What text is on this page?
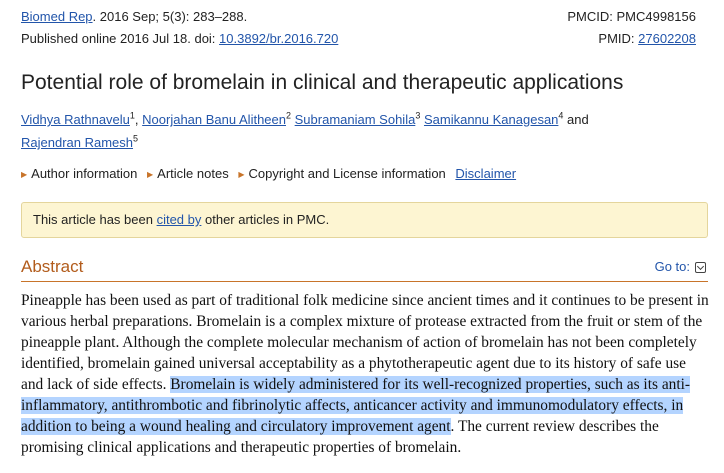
Biomed Rep. 2016 Sep; 5(3): 283–288.	PMCID: PMC4998156
Published online 2016 Jul 18. doi: 10.3892/br.2016.720	PMID: 27602208
Potential role of bromelain in clinical and therapeutic applications
Vidhya Rathnavelu$^1$, Noorjahan Banu Alitheen$^2$ Subramaniam Sohila$^3$ Samikannu Kanagesan$^4$ and
Rajendran Ramesh$^5$
▶ Author information ▶ Article notes ▶ Copyright and License information Disclaimer
This article has been cited by other articles in PMC.
Abstract	Go to:

Pineapple has been used as part of traditional folk medicine since ancient times and it continues to be present in various herbal preparations. Bromelain is a complex mixture of protease extracted from the fruit or stem of the pineapple plant. Although the complete molecular mechanism of action of bromelain has not been completely identified, bromelain gained universal acceptability as a phytotherapeutic agent due to its history of safe use and lack of side effects. Bromelain is widely administered for its well-recognized properties, such as its anti-inflammatory, antithrombotic and fibrinolytic affects, anticancer activity and immunomodulatory effects, in addition to being a wound healing and circulatory improvement agent. The current review describes the promising clinical applications and therapeutic properties of bromelain.
